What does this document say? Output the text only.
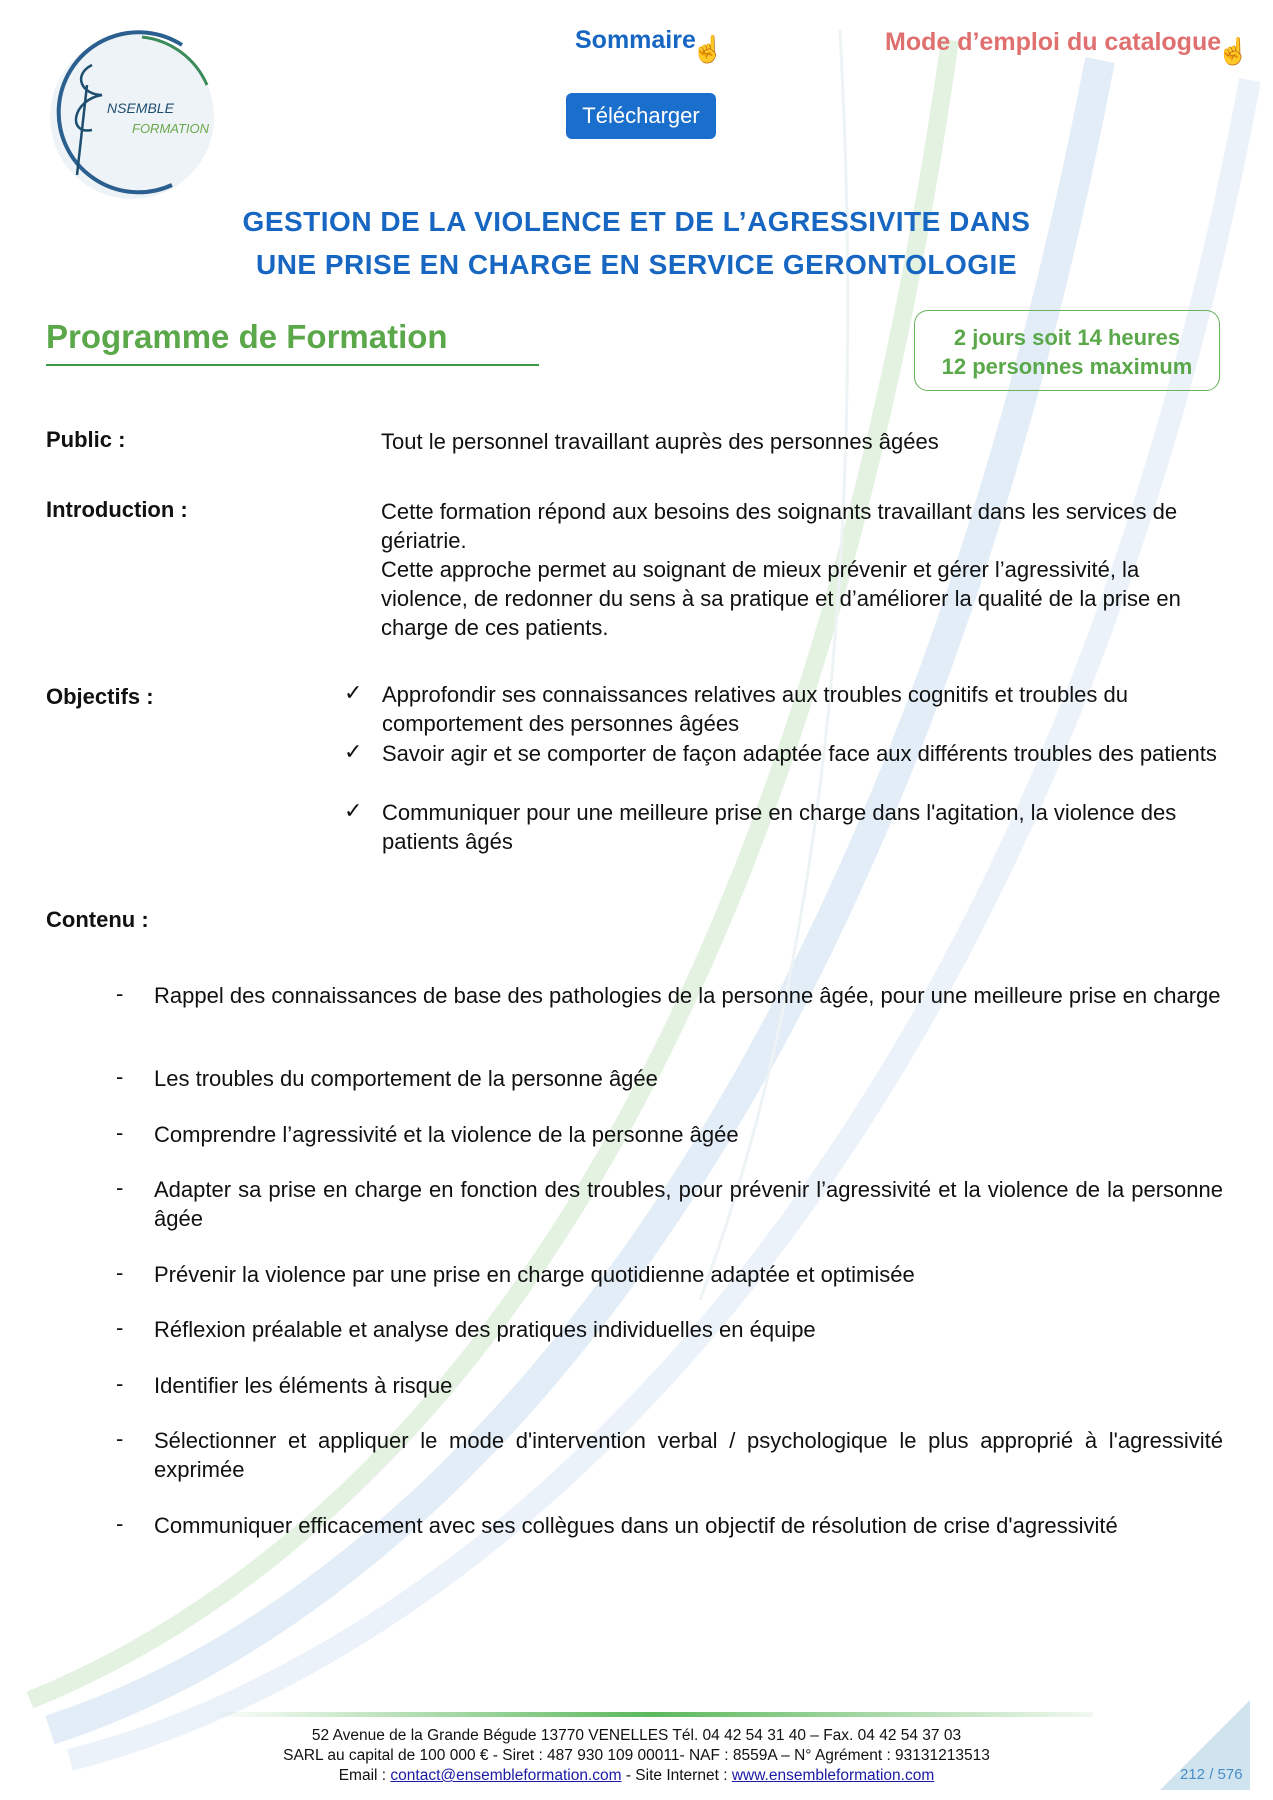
NSEMBLE
FORMATION
Sommaire☝	Mode d’emploi du catalogue☝
Télécharger
GESTION DE LA VIOLENCE ET DE L’AGRESSIVITE DANS
UNE PRISE EN CHARGE EN SERVICE GERONTOLOGIE
Programme de Formation	2 jours soit 14 heures
12 personnes maximum
Public :	Tout le personnel travaillant auprès des personnes âgées
Introduction :	Cette formation répond aux besoins des soignants travaillant dans les services de gériatrie.
Cette approche permet au soignant de mieux prévenir et gérer l’agressivité, la violence, de redonner du sens à sa pratique et d’améliorer la qualité de la prise en charge de ces patients.
Objectifs :	✓ Approfondir ses connaissances relatives aux troubles cognitifs et troubles du comportement des personnes âgées
✓ Savoir agir et se comporter de façon adaptée face aux différents troubles des patients
✓ Communiquer pour une meilleure prise en charge dans l'agitation, la violence des patients âgés
Contenu :
- Rappel des connaissances de base des pathologies de la personne âgée, pour une meilleure prise en charge
- Les troubles du comportement de la personne âgée
- Comprendre l’agressivité et la violence de la personne âgée
- Adapter sa prise en charge en fonction des troubles, pour prévenir l’agressivité et la violence de la personne âgée
- Prévenir la violence par une prise en charge quotidienne adaptée et optimisée
- Réflexion préalable et analyse des pratiques individuelles en équipe
- Identifier les éléments à risque
- Sélectionner et appliquer le mode d'intervention verbal / psychologique le plus approprié à l'agressivité exprimée
- Communiquer efficacement avec ses collègues dans un objectif de résolution de crise d'agressivité
52 Avenue de la Grande Bégude 13770 VENELLES Tél. 04 42 54 31 40 – Fax. 04 42 54 37 03
SARL au capital de 100 000 € - Siret : 487 930 109 00011- NAF : 8559A – N° Agrément : 93131213513
Email : contact@ensembleformation.com - Site Internet : www.ensembleformation.com	212 / 576
